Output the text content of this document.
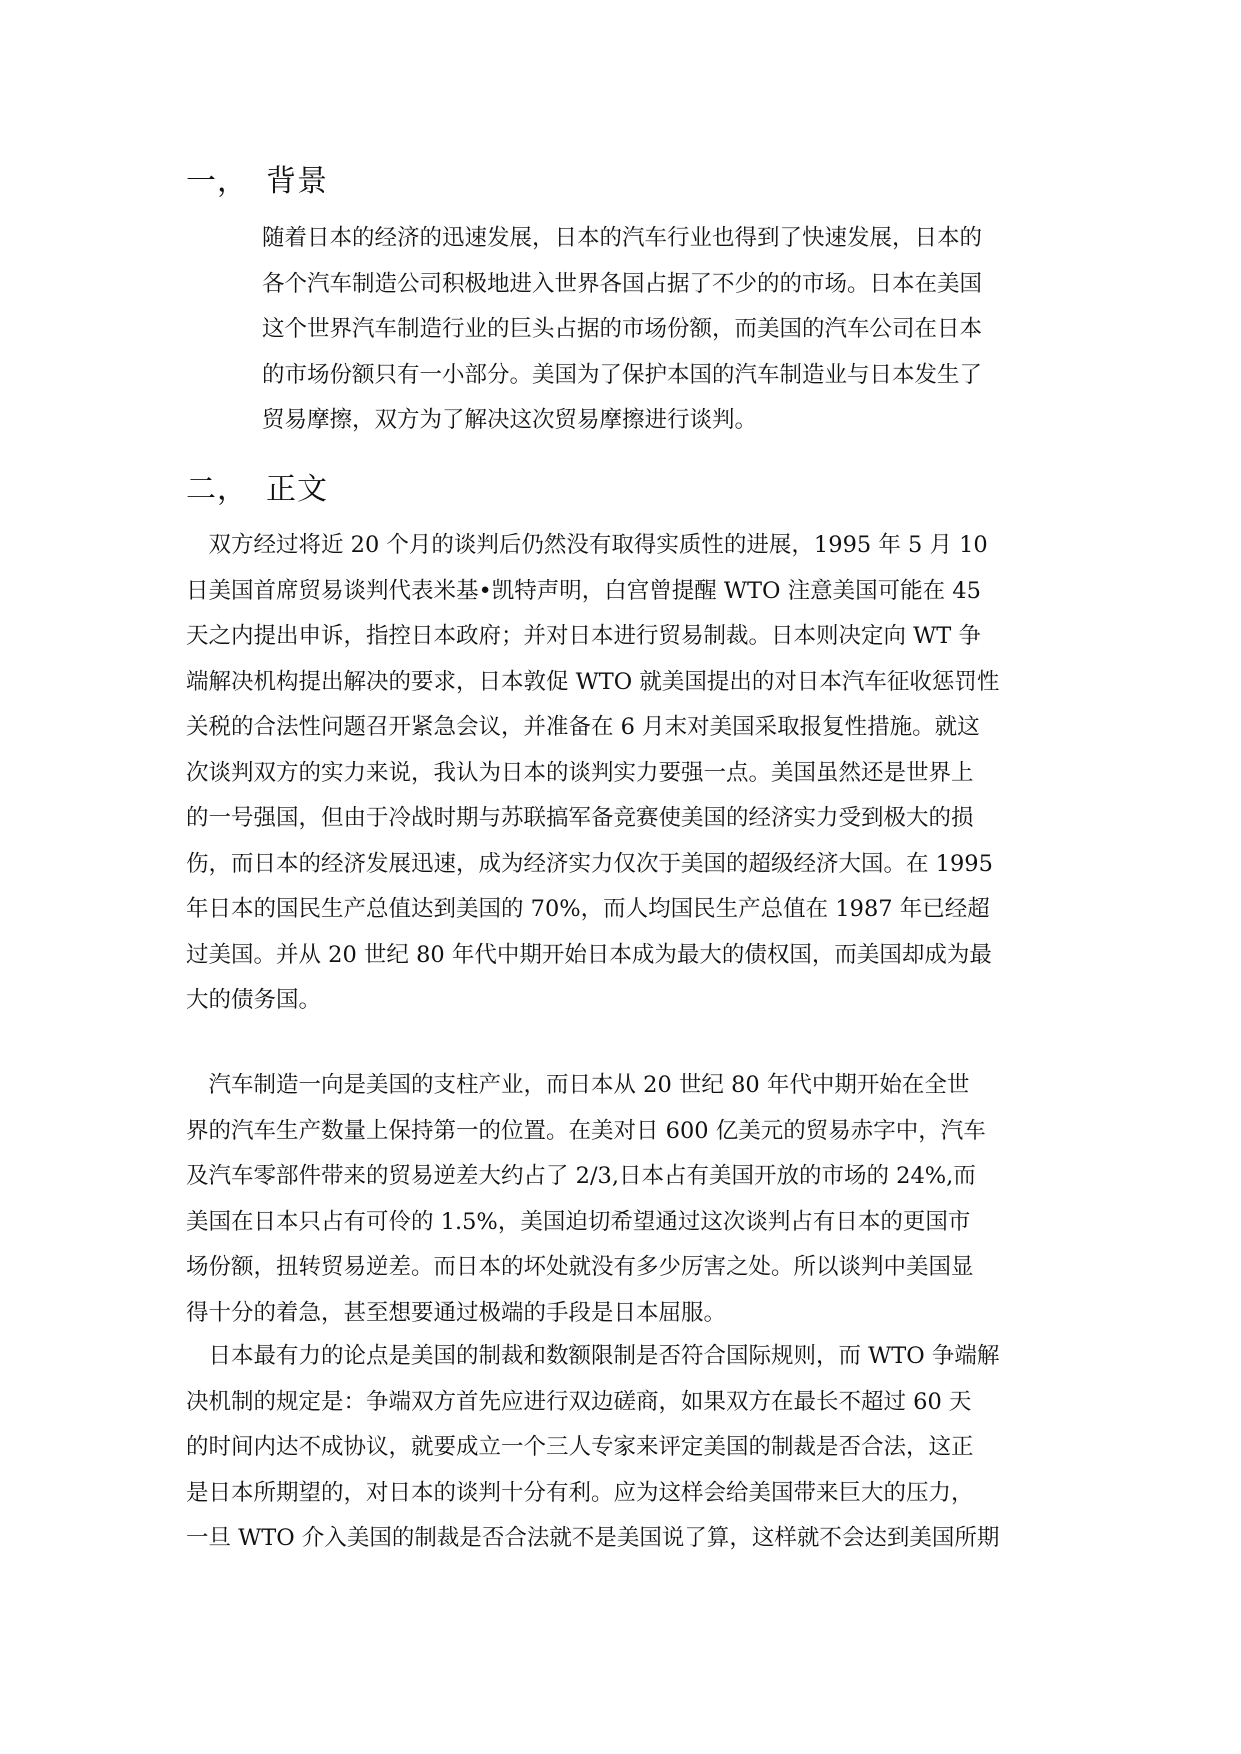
一， 背景
随着日本的经济的迅速发展，日本的汽车行业也得到了快速发展，日本的
各个汽车制造公司积极地进入世界各国占据了不少的的市场。日本在美国
这个世界汽车制造行业的巨头占据的市场份额，而美国的汽车公司在日本
的市场份额只有一小部分。美国为了保护本国的汽车制造业与日本发生了
贸易摩擦，双方为了解决这次贸易摩擦进行谈判。
二， 正文
　双方经过将近 20 个月的谈判后仍然没有取得实质性的进展，1995 年 5 月 10
日美国首席贸易谈判代表米基•凯特声明，白宫曾提醒 WTO 注意美国可能在 45
天之内提出申诉，指控日本政府；并对日本进行贸易制裁。日本则决定向 WT 争
端解决机构提出解决的要求，日本敦促 WTO 就美国提出的对日本汽车征收惩罚性
关税的合法性问题召开紧急会议，并准备在 6 月末对美国采取报复性措施。就这
次谈判双方的实力来说，我认为日本的谈判实力要强一点。美国虽然还是世界上
的一号强国，但由于冷战时期与苏联搞军备竞赛使美国的经济实力受到极大的损
伤，而日本的经济发展迅速，成为经济实力仅次于美国的超级经济大国。在 1995
年日本的国民生产总值达到美国的 70%，而人均国民生产总值在 1987 年已经超
过美国。并从 20 世纪 80 年代中期开始日本成为最大的债权国，而美国却成为最
大的债务国。
　汽车制造一向是美国的支柱产业，而日本从 20 世纪 80 年代中期开始在全世
界的汽车生产数量上保持第一的位置。在美对日 600 亿美元的贸易赤字中，汽车
及汽车零部件带来的贸易逆差大约占了 2/3,日本占有美国开放的市场的 24%,而
美国在日本只占有可伶的 1.5%，美国迫切希望通过这次谈判占有日本的更国市
场份额，扭转贸易逆差。而日本的坏处就没有多少厉害之处。所以谈判中美国显
得十分的着急，甚至想要通过极端的手段是日本屈服。
　日本最有力的论点是美国的制裁和数额限制是否符合国际规则，而 WTO 争端解
决机制的规定是：争端双方首先应进行双边磋商，如果双方在最长不超过 60 天
的时间内达不成协议，就要成立一个三人专家来评定美国的制裁是否合法，这正
是日本所期望的，对日本的谈判十分有利。应为这样会给美国带来巨大的压力，
一旦 WTO 介入美国的制裁是否合法就不是美国说了算，这样就不会达到美国所期
